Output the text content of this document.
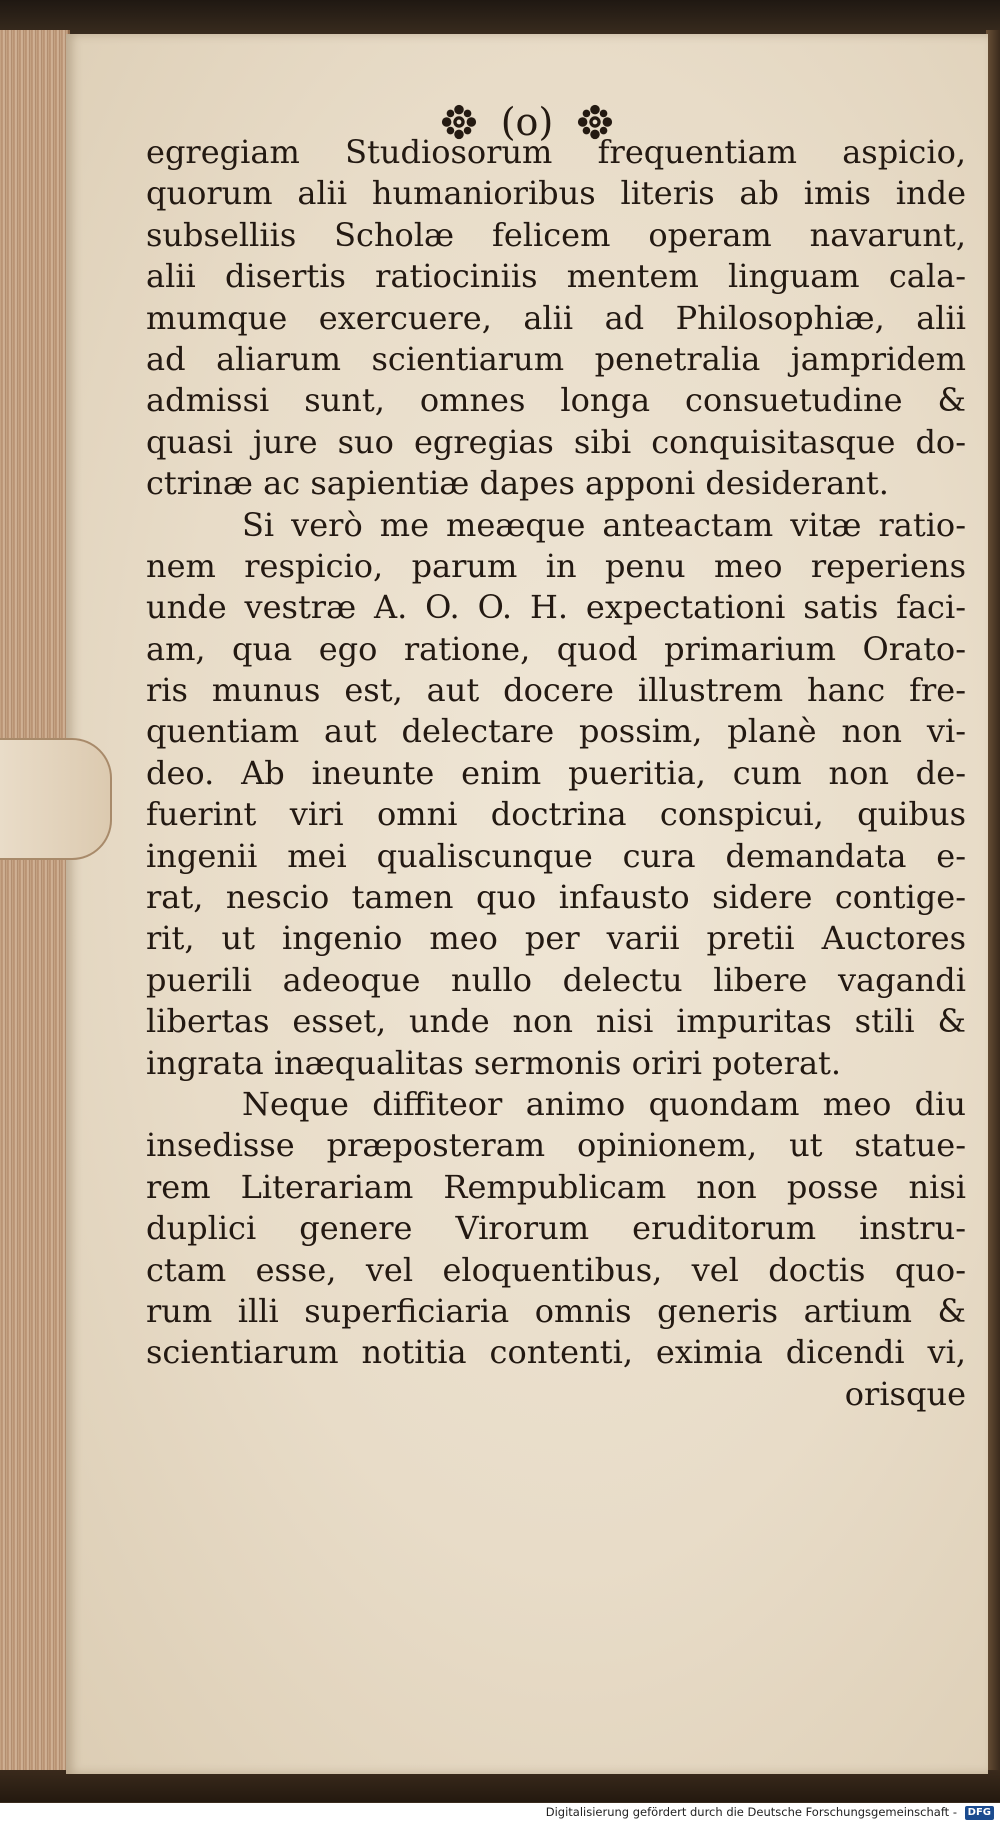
(o)
egregiam Studiosorum frequentiam aspicio,
quorum alii humanioribus literis ab imis inde
subselliis Scholæ felicem operam navarunt,
alii disertis ratiociniis mentem linguam cala-
mumque exercuere, alii ad Philosophiæ, alii
ad aliarum scientiarum penetralia jampridem
admissi sunt, omnes longa consuetudine &
quasi jure suo egregias sibi conquisitasque do-
ctrinæ ac sapientiæ dapes apponi desiderant.
Si verò me meæque anteactam vitæ ratio-
nem respicio, parum in penu meo reperiens
unde vestræ A. O. O. H. expectationi satis faci-
am, qua ego ratione, quod primarium Orato-
ris munus est, aut docere illustrem hanc fre-
quentiam aut delectare possim, planè non vi-
deo. Ab ineunte enim pueritia, cum non de-
fuerint viri omni doctrina conspicui, quibus
ingenii mei qualiscunque cura demandata e-
rat, nescio tamen quo infausto sidere contige-
rit, ut ingenio meo per varii pretii Auctores
puerili adeoque nullo delectu libere vagandi
libertas esset, unde non nisi impuritas stili &
ingrata inæqualitas sermonis oriri poterat.
Neque diffiteor animo quondam meo diu
insedisse præposteram opinionem, ut statue-
rem Literariam Rempublicam non posse nisi
duplici genere Virorum eruditorum instru-
ctam esse, vel eloquentibus, vel doctis quo-
rum illi superficiaria omnis generis artium &
scientiarum notitia contenti, eximia dicendi vi,
orisque
Digitalisierung gefördert durch die Deutsche Forschungsgemeinschaft - DFG
